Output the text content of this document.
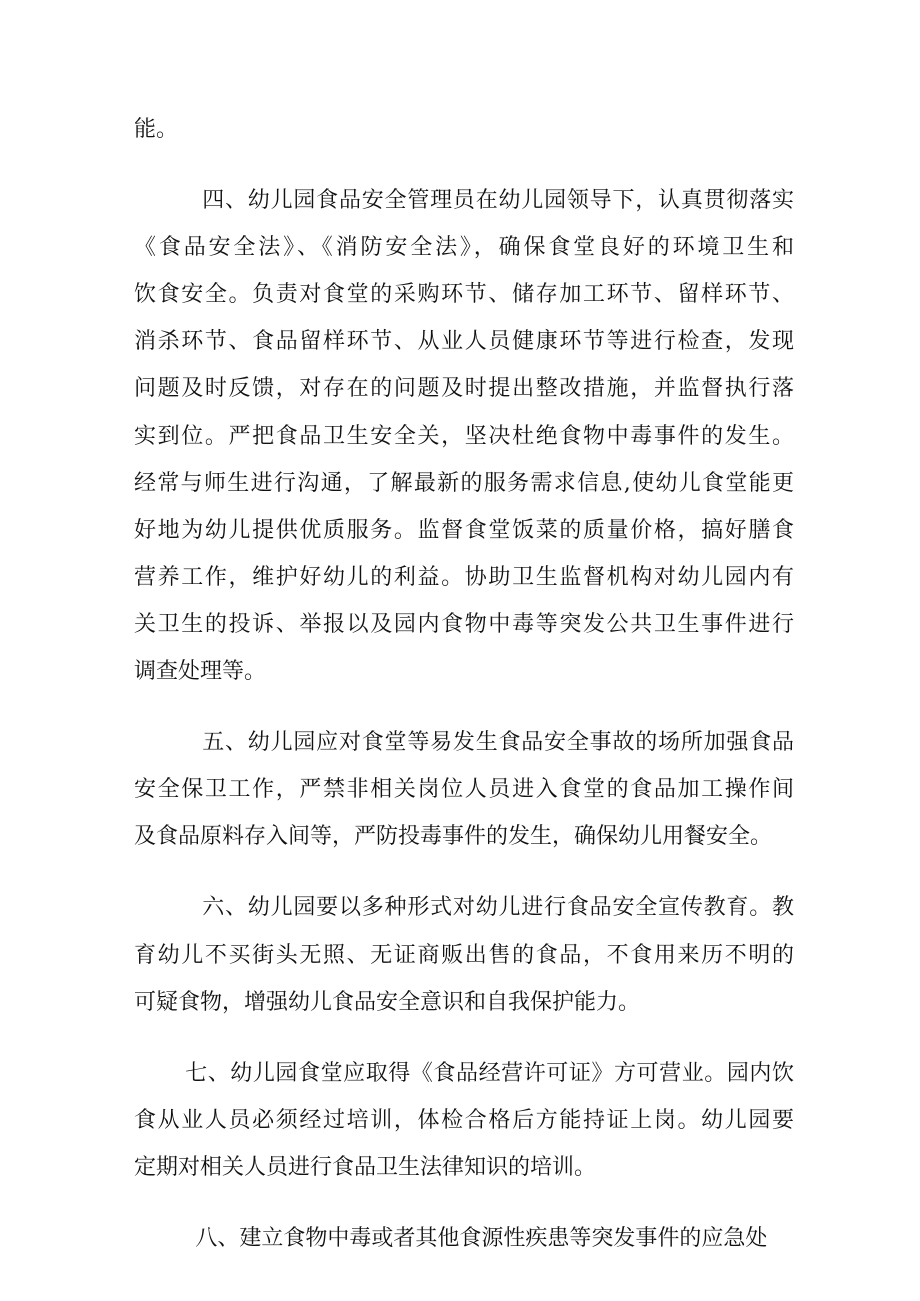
能。
四、幼儿园食品安全管理员在幼儿园领导下，认真贯彻落实
《食品安全法》、《消防安全法》，确保食堂良好的环境卫生和
饮食安全。负责对食堂的采购环节、储存加工环节、留样环节、
消杀环节、食品留样环节、从业人员健康环节等进行检查，发现
问题及时反馈，对存在的问题及时提出整改措施，并监督执行落
实到位。严把食品卫生安全关，坚决杜绝食物中毒事件的发生。
经常与师生进行沟通，了解最新的服务需求信息,使幼儿食堂能更
好地为幼儿提供优质服务。监督食堂饭菜的质量价格，搞好膳食
营养工作，维护好幼儿的利益。协助卫生监督机构对幼儿园内有
关卫生的投诉、举报以及园内食物中毒等突发公共卫生事件进行
调查处理等。
五、幼儿园应对食堂等易发生食品安全事故的场所加强食品
安全保卫工作，严禁非相关岗位人员进入食堂的食品加工操作间
及食品原料存入间等，严防投毒事件的发生，确保幼儿用餐安全。
六、幼儿园要以多种形式对幼儿进行食品安全宣传教育。教
育幼儿不买街头无照、无证商贩出售的食品，不食用来历不明的
可疑食物，增强幼儿食品安全意识和自我保护能力。
七、幼儿园食堂应取得《食品经营许可证》方可营业。园内饮
食从业人员必须经过培训，体检合格后方能持证上岗。幼儿园要
定期对相关人员进行食品卫生法律知识的培训。
八、建立食物中毒或者其他食源性疾患等突发事件的应急处
